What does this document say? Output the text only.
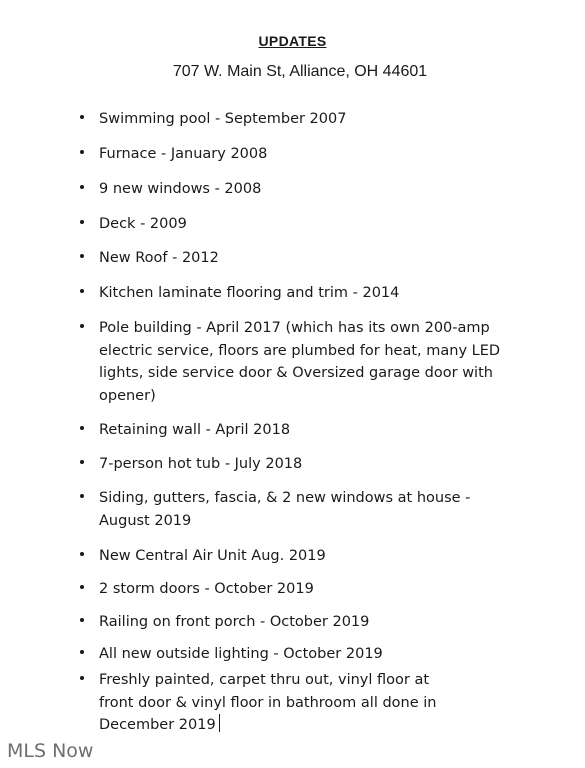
UPDATES
707 W. Main St, Alliance, OH 44601
Swimming pool - September 2007
Furnace - January 2008
9 new windows - 2008
Deck - 2009
New Roof - 2012
Kitchen laminate flooring and trim - 2014
Pole building - April 2017 (which has its own 200-amp
electric service, floors are plumbed for heat, many LED
lights, side service door & Oversized garage door with
opener)
Retaining wall - April 2018
7-person hot tub - July 2018
Siding, gutters, fascia, & 2 new windows at house -
August 2019
New Central Air Unit Aug. 2019
2 storm doors - October 2019
Railing on front porch - October 2019
All new outside lighting - October 2019
Freshly painted, carpet thru out, vinyl floor at
front door & vinyl floor in bathroom all done in
December 2019
MLS Now
